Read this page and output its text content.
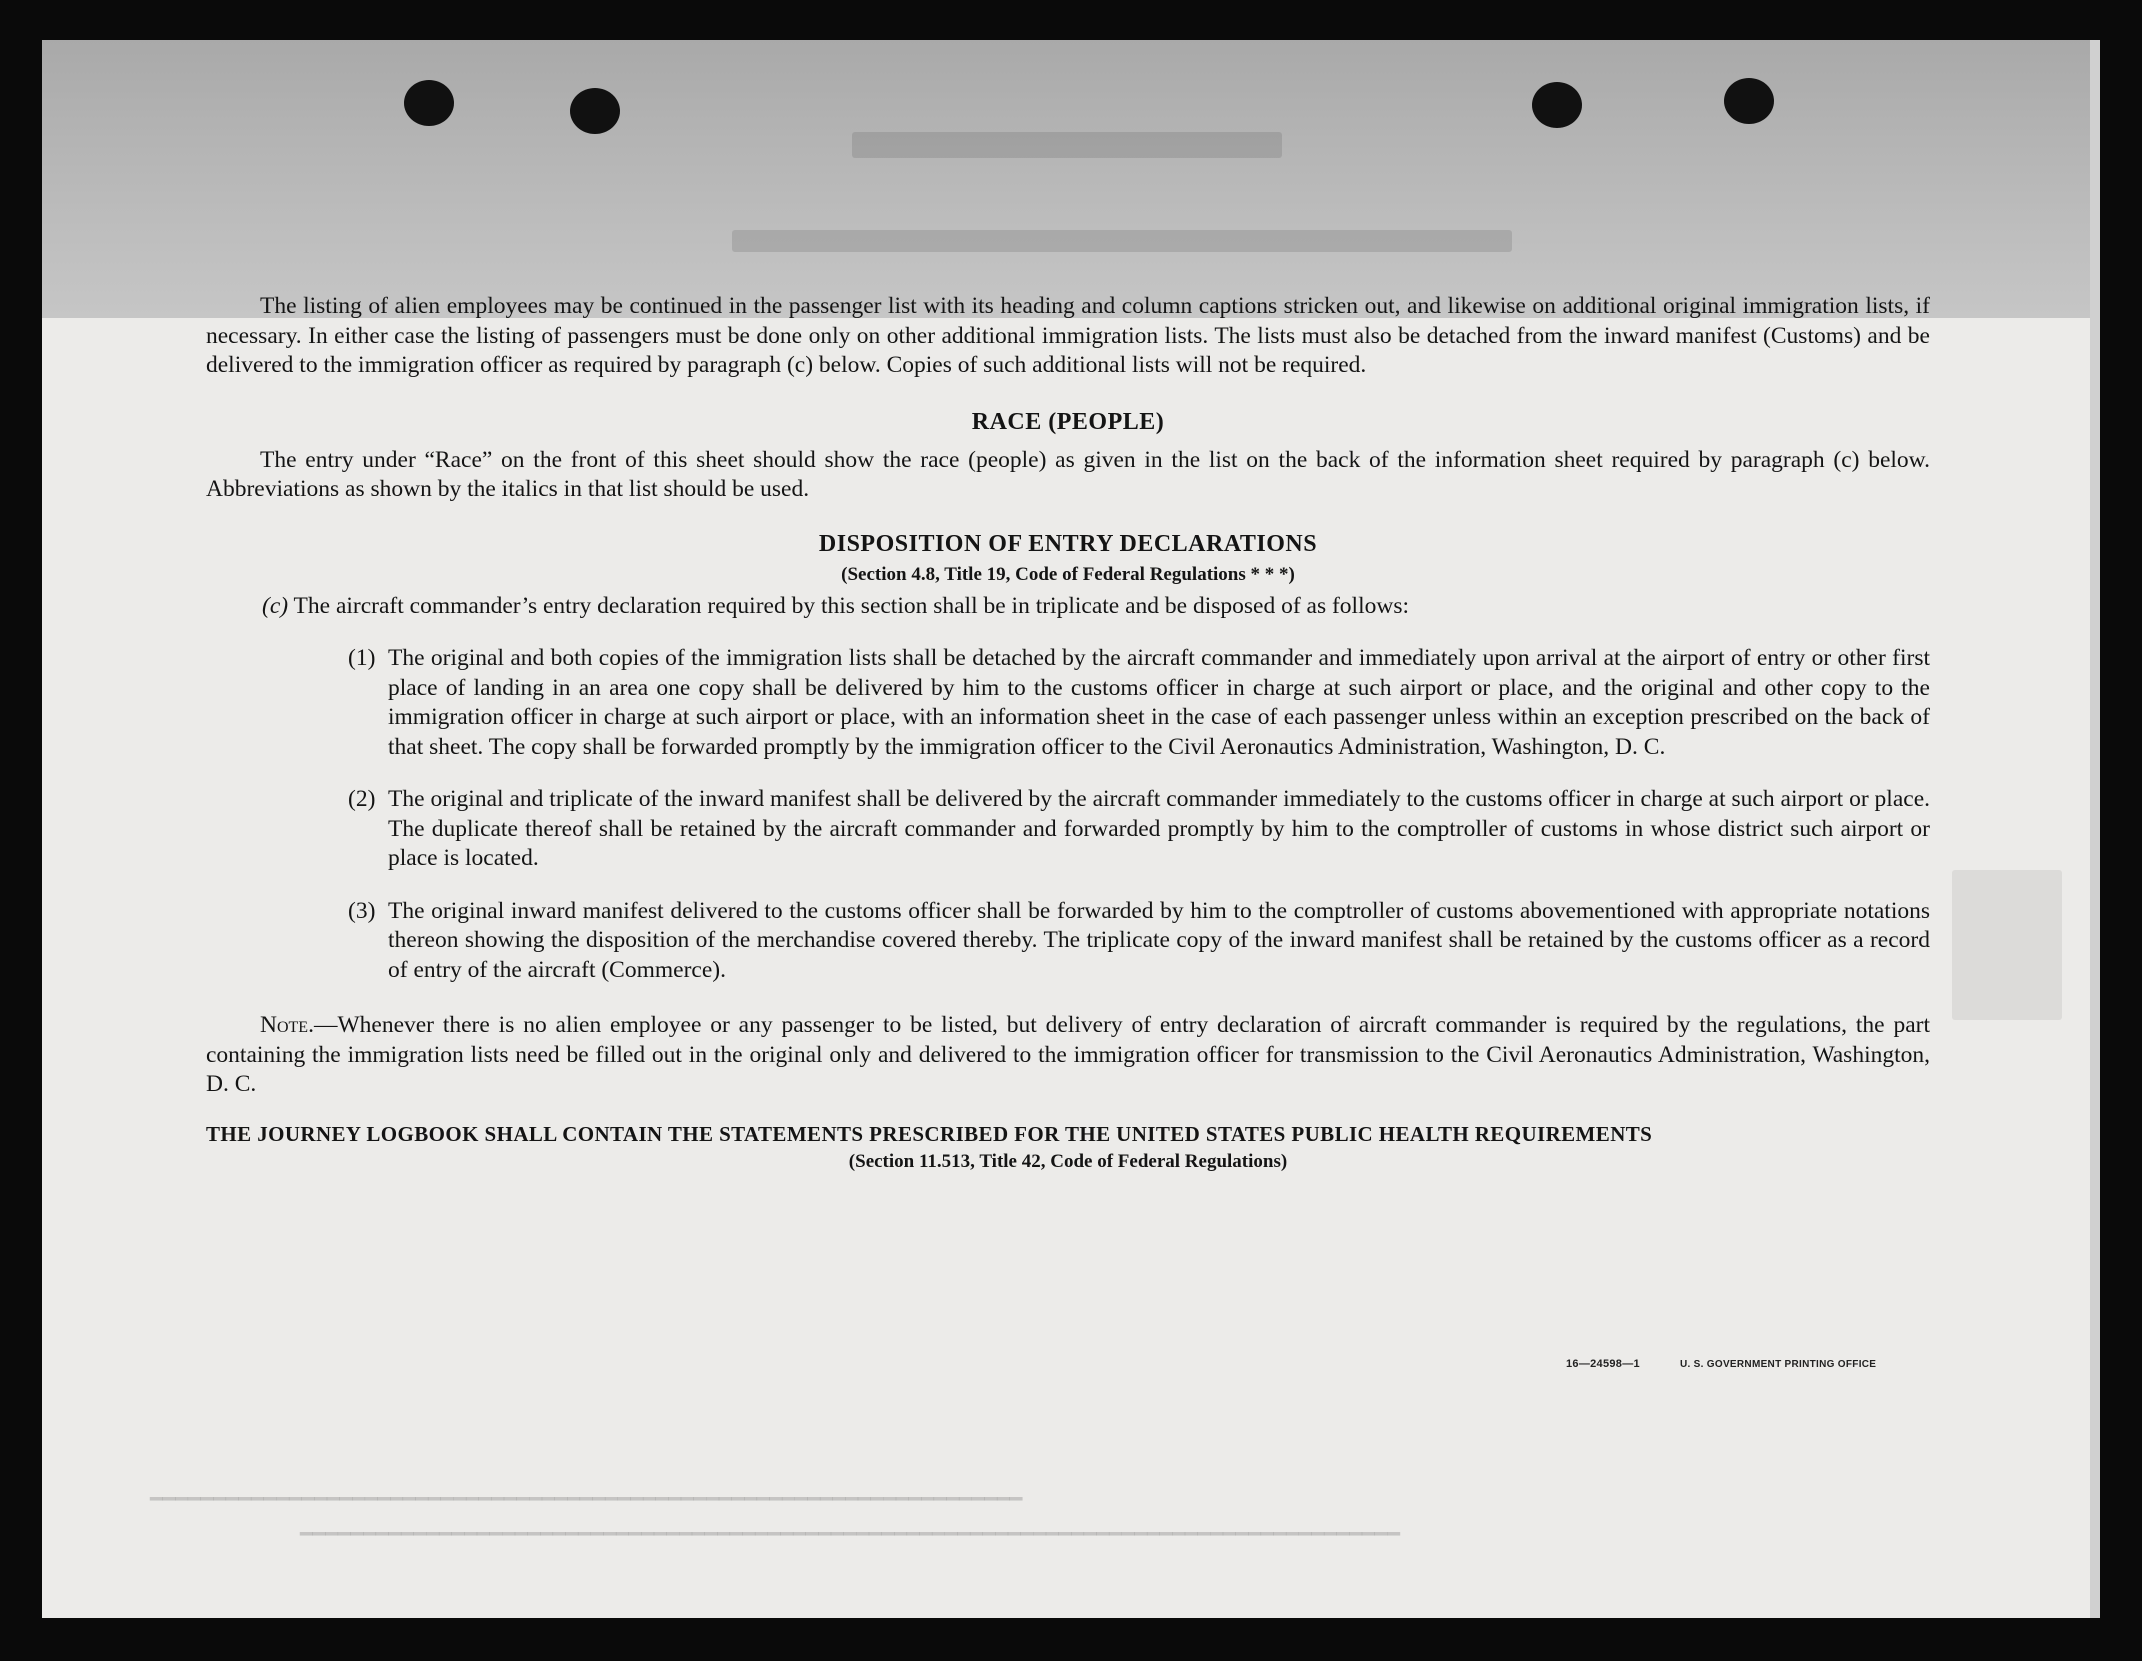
The listing of alien employees may be continued in the passenger list with its heading and column captions stricken out, and likewise on additional original immigration lists, if necessary. In either case the listing of passengers must be done only on other additional immigration lists. The lists must also be detached from the inward manifest (Customs) and be delivered to the immigration officer as required by paragraph (c) below. Copies of such additional lists will not be required.

RACE (PEOPLE)

The entry under “Race” on the front of this sheet should show the race (people) as given in the list on the back of the information sheet required by paragraph (c) below. Abbreviations as shown by the italics in that list should be used.

DISPOSITION OF ENTRY DECLARATIONS
(Section 4.8, Title 19, Code of Federal Regulations * * *)

(c) The aircraft commander’s entry declaration required by this section shall be in triplicate and be disposed of as follows:

(1) The original and both copies of the immigration lists shall be detached by the aircraft commander and immediately upon arrival at the airport of entry or other first place of landing in an area one copy shall be delivered by him to the customs officer in charge at such airport or place, and the original and other copy to the immigration officer in charge at such airport or place, with an information sheet in the case of each passenger unless within an exception prescribed on the back of that sheet. The copy shall be forwarded promptly by the immigration officer to the Civil Aeronautics Administration, Washington, D. C.
(2) The original and triplicate of the inward manifest shall be delivered by the aircraft commander immediately to the customs officer in charge at such airport or place. The duplicate thereof shall be retained by the aircraft commander and forwarded promptly by him to the comptroller of customs in whose district such airport or place is located.
(3) The original inward manifest delivered to the customs officer shall be forwarded by him to the comptroller of customs abovementioned with appropriate notations thereon showing the disposition of the merchandise covered thereby. The triplicate copy of the inward manifest shall be retained by the customs officer as a record of entry of the aircraft (Commerce).

Note.—Whenever there is no alien employee or any passenger to be listed, but delivery of entry declaration of aircraft commander is required by the regulations, the part containing the immigration lists need be filled out in the original only and delivered to the immigration officer for transmission to the Civil Aeronautics Administration, Washington, D. C.

THE JOURNEY LOGBOOK SHALL CONTAIN THE STATEMENTS PRESCRIBED FOR THE UNITED STATES PUBLIC HEALTH REQUIREMENTS

(Section 11.513, Title 42, Code of Federal Regulations)
16—24598—1	U. S. GOVERNMENT PRINTING OFFICE
━━━━━━━━━━━━━━━━━━━━━━━━━━━━━━━━━━━━━━━━━━━━━━━━━━━━━━━━━━━━━━━━━━━━━
━━━━━━━━━━━━━━━━━━━━━━━━━━━━━━━━━━━━━━━━━━━━━━━━━━━━━━━━━━━━━━━━━━━━━━━━━━━━━━━━━━━━━━━
